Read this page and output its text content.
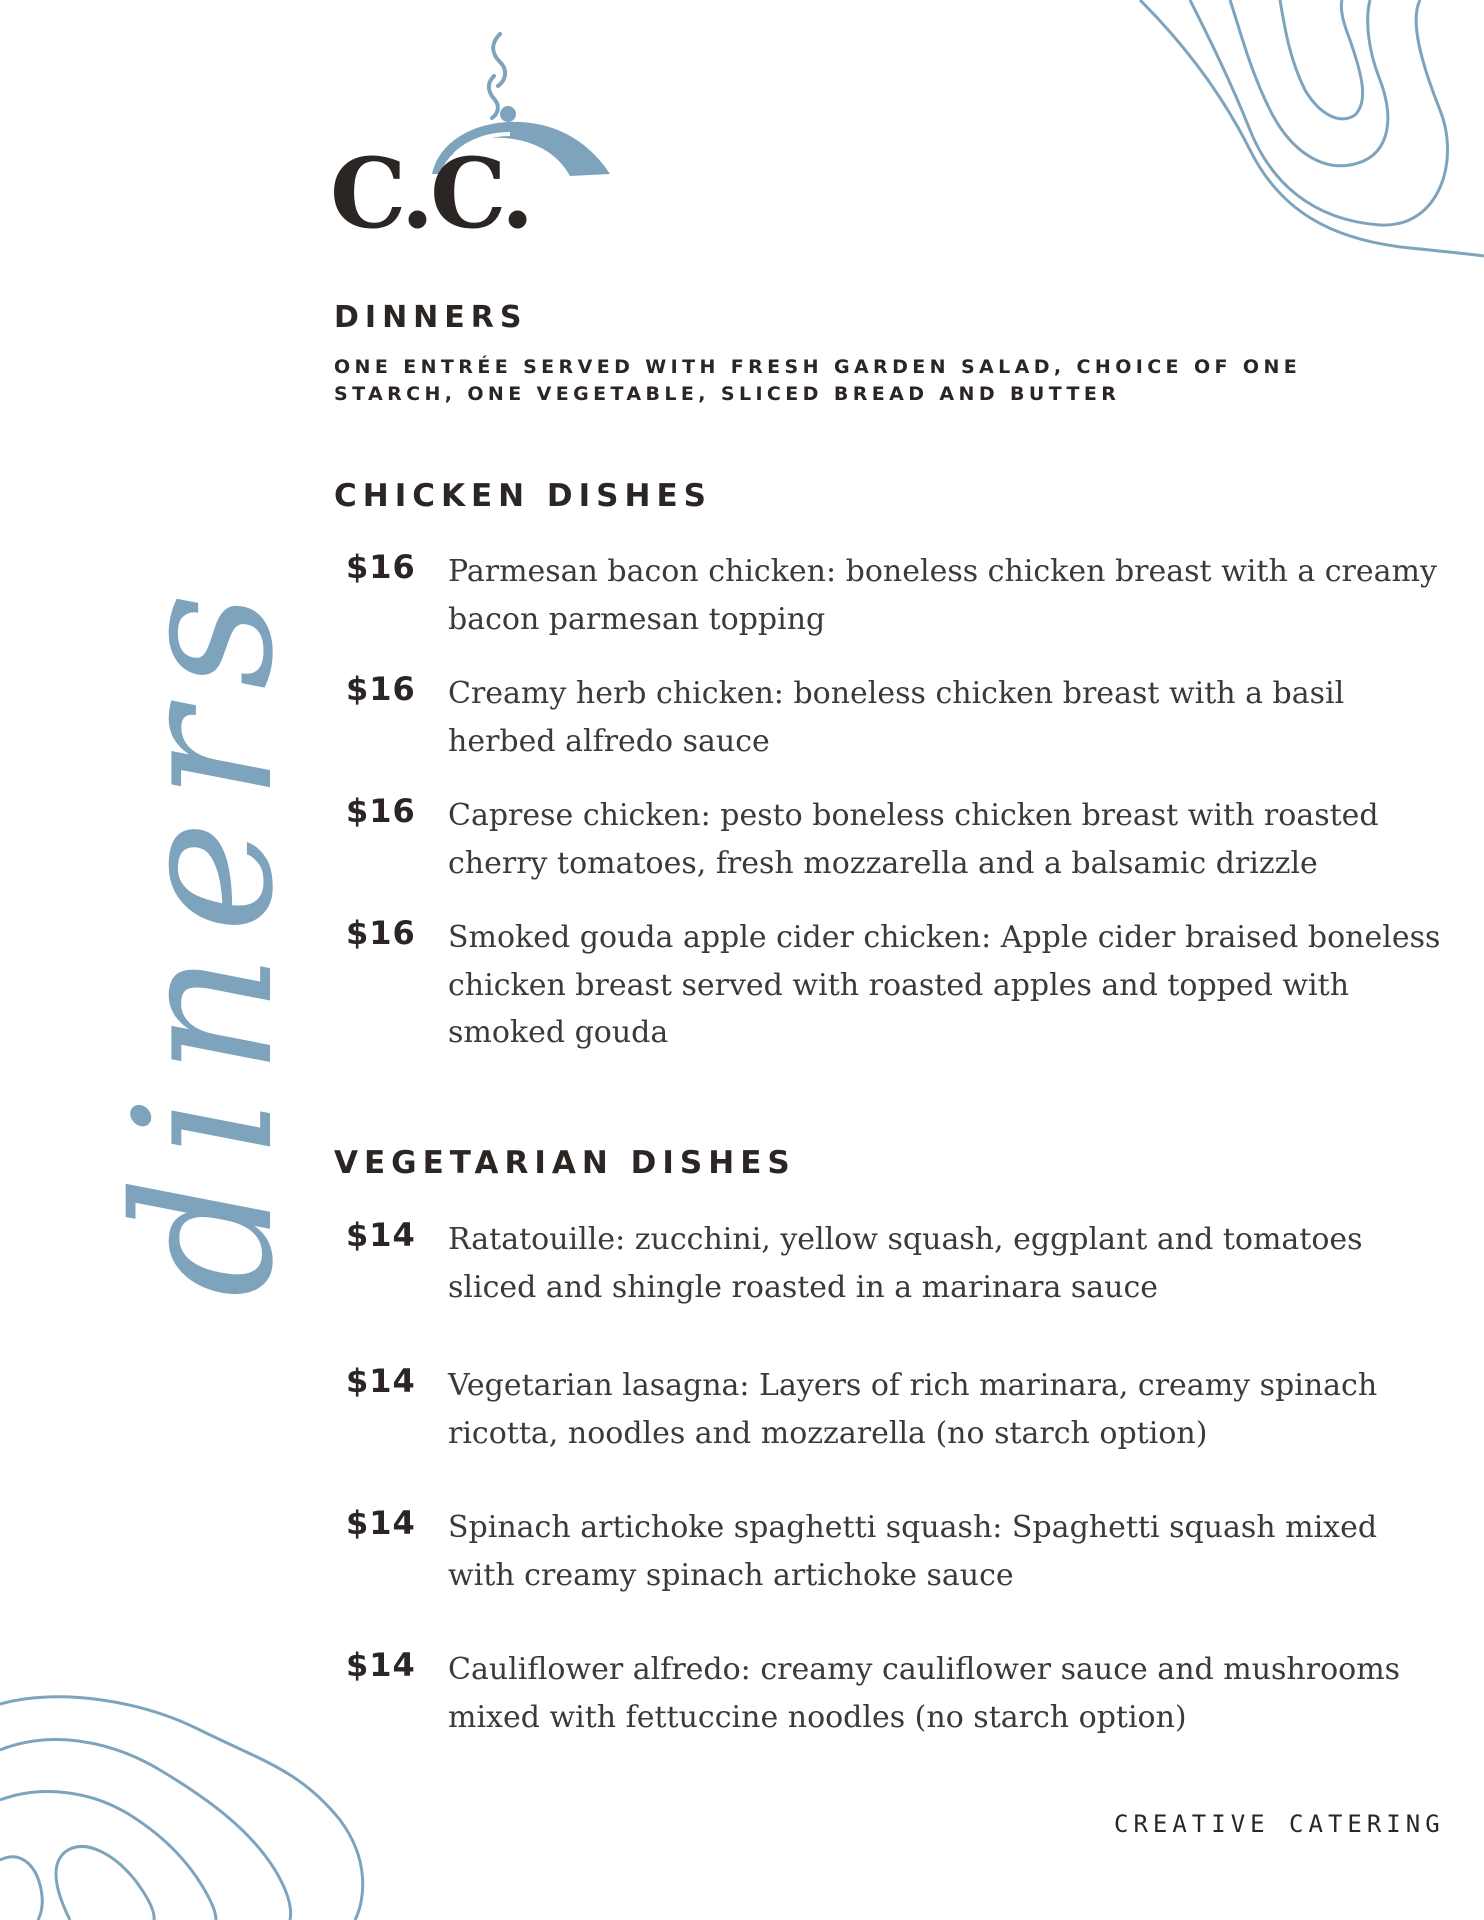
C.C.
diners
DINNERS
ONE ENTRÉE SERVED WITH FRESH GARDEN SALAD, CHOICE OF ONE STARCH, ONE VEGETABLE, SLICED BREAD AND BUTTER
CHICKEN DISHES
$16 Parmesan bacon chicken: boneless chicken breast with a creamy bacon parmesan topping
$16 Creamy herb chicken: boneless chicken breast with a basil herbed alfredo sauce
$16 Caprese chicken: pesto boneless chicken breast with roasted cherry tomatoes, fresh mozzarella and a balsamic drizzle
$16 Smoked gouda apple cider chicken: Apple cider braised boneless chicken breast served with roasted apples and topped with smoked gouda
VEGETARIAN DISHES
$14 Ratatouille: zucchini, yellow squash, eggplant and tomatoes sliced and shingle roasted in a marinara sauce
$14 Vegetarian lasagna: Layers of rich marinara, creamy spinach ricotta, noodles and mozzarella (no starch option)
$14 Spinach artichoke spaghetti squash: Spaghetti squash mixed with creamy spinach artichoke sauce
$14 Cauliflower alfredo: creamy cauliflower sauce and mushrooms mixed with fettuccine noodles (no starch option)
CREATIVE CATERING
